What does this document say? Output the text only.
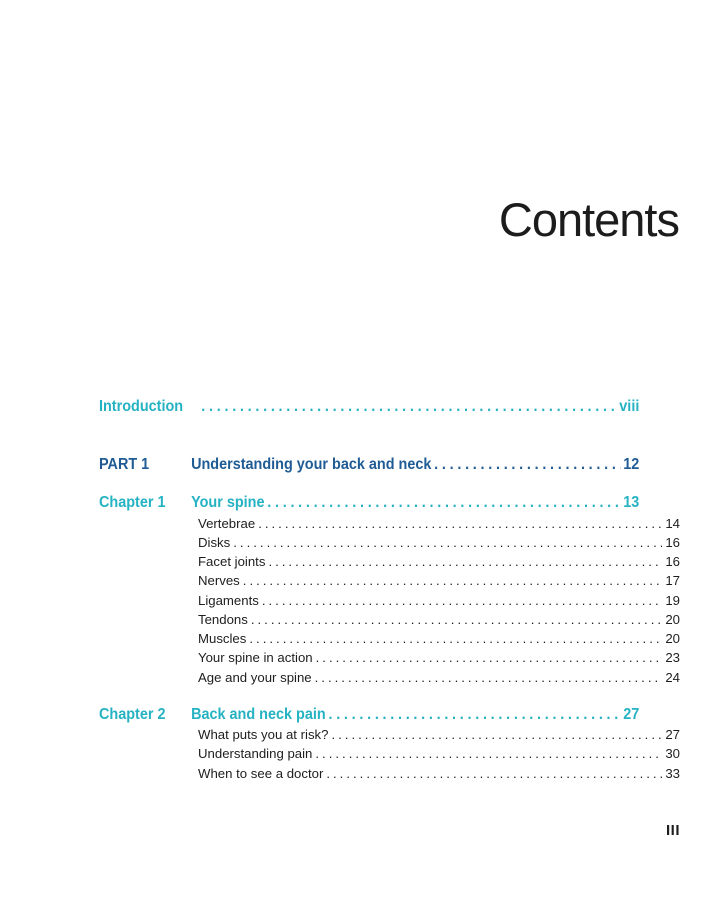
Contents
Introduction .....	viii
PART 1	Understanding your back and neck .....	12
Chapter 1	Your spine .....	13
Vertebrae .....	14
Disks .....	16
Facet joints .....	16
Nerves .....	17
Ligaments .....	19
Tendons .....	20
Muscles .....	20
Your spine in action .....	23
Age and your spine .....	24
Chapter 2	Back and neck pain .....	27
What puts you at risk? .....	27
Understanding pain .....	30
When to see a doctor .....	33
III
